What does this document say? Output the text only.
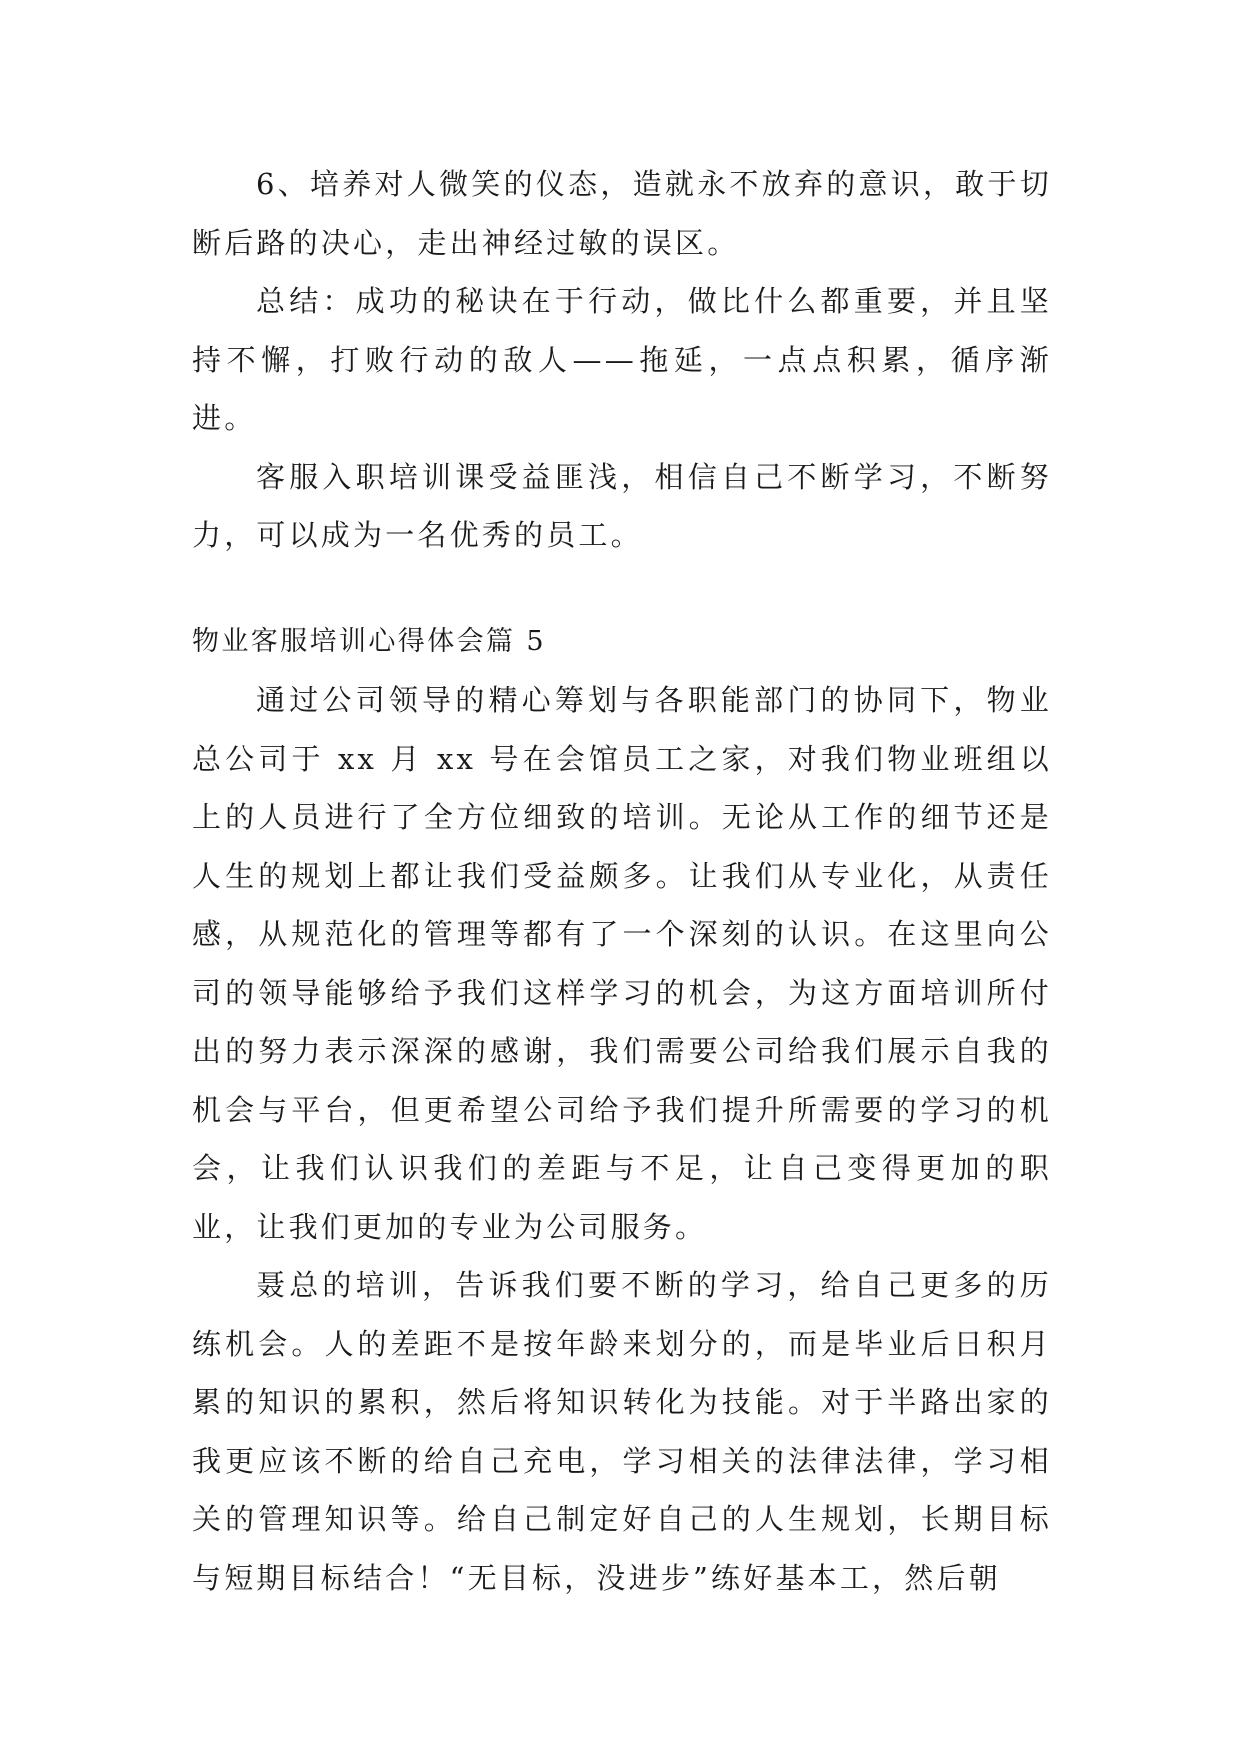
6、培养对人微笑的仪态，造就永不放弃的意识，敢于切断后路的决心，走出神经过敏的误区。

总结：成功的秘诀在于行动，做比什么都重要，并且坚持不懈，打败行动的敌人——拖延，一点点积累，循序渐进。

客服入职培训课受益匪浅，相信自己不断学习，不断努力，可以成为一名优秀的员工。

物业客服培训心得体会篇 5

通过公司领导的精心筹划与各职能部门的协同下，物业总公司于 xx 月 xx 号在会馆员工之家，对我们物业班组以上的人员进行了全方位细致的培训。无论从工作的细节还是人生的规划上都让我们受益颇多。让我们从专业化，从责任感，从规范化的管理等都有了一个深刻的认识。在这里向公司的领导能够给予我们这样学习的机会，为这方面培训所付出的努力表示深深的感谢，我们需要公司给我们展示自我的机会与平台，但更希望公司给予我们提升所需要的学习的机会，让我们认识我们的差距与不足，让自己变得更加的职业，让我们更加的专业为公司服务。

聂总的培训，告诉我们要不断的学习，给自己更多的历练机会。人的差距不是按年龄来划分的，而是毕业后日积月累的知识的累积，然后将知识转化为技能。对于半路出家的我更应该不断的给自己充电，学习相关的法律法律，学习相关的管理知识等。给自己制定好自己的人生规划，长期目标与短期目标结合！“无目标，没进步”练好基本工，然后朝
